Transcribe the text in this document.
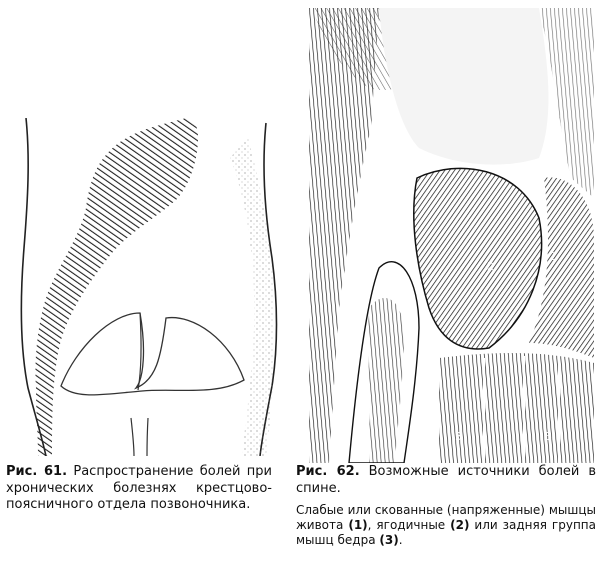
2
2
3	3
Рис. 61. Распространение болей при хронических болезнях крестцово-поясничного отдела позвоночника.
Рис. 62. Возможные источники болей в спине.
Слабые или скованные (напряженные) мышцы живота (1), ягодичные (2) или задняя группа мышц бедра (3).
